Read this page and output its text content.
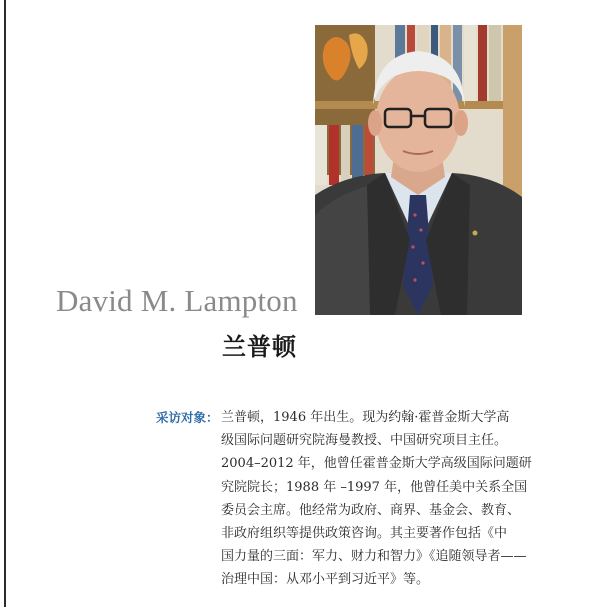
David M. Lampton
兰普顿
采访对象： 兰普顿，1946 年出生。现为约翰·霍普金斯大学高
级国际问题研究院海曼教授、中国研究项目主任。
2004–2012 年，他曾任霍普金斯大学高级国际问题研
究院院长；1988 年 –1997 年，他曾任美中关系全国
委员会主席。他经常为政府、商界、基金会、教育、
非政府组织等提供政策咨询。其主要著作包括《中
国力量的三面：军力、财力和智力》《追随领导者——
治理中国：从邓小平到习近平》等。
